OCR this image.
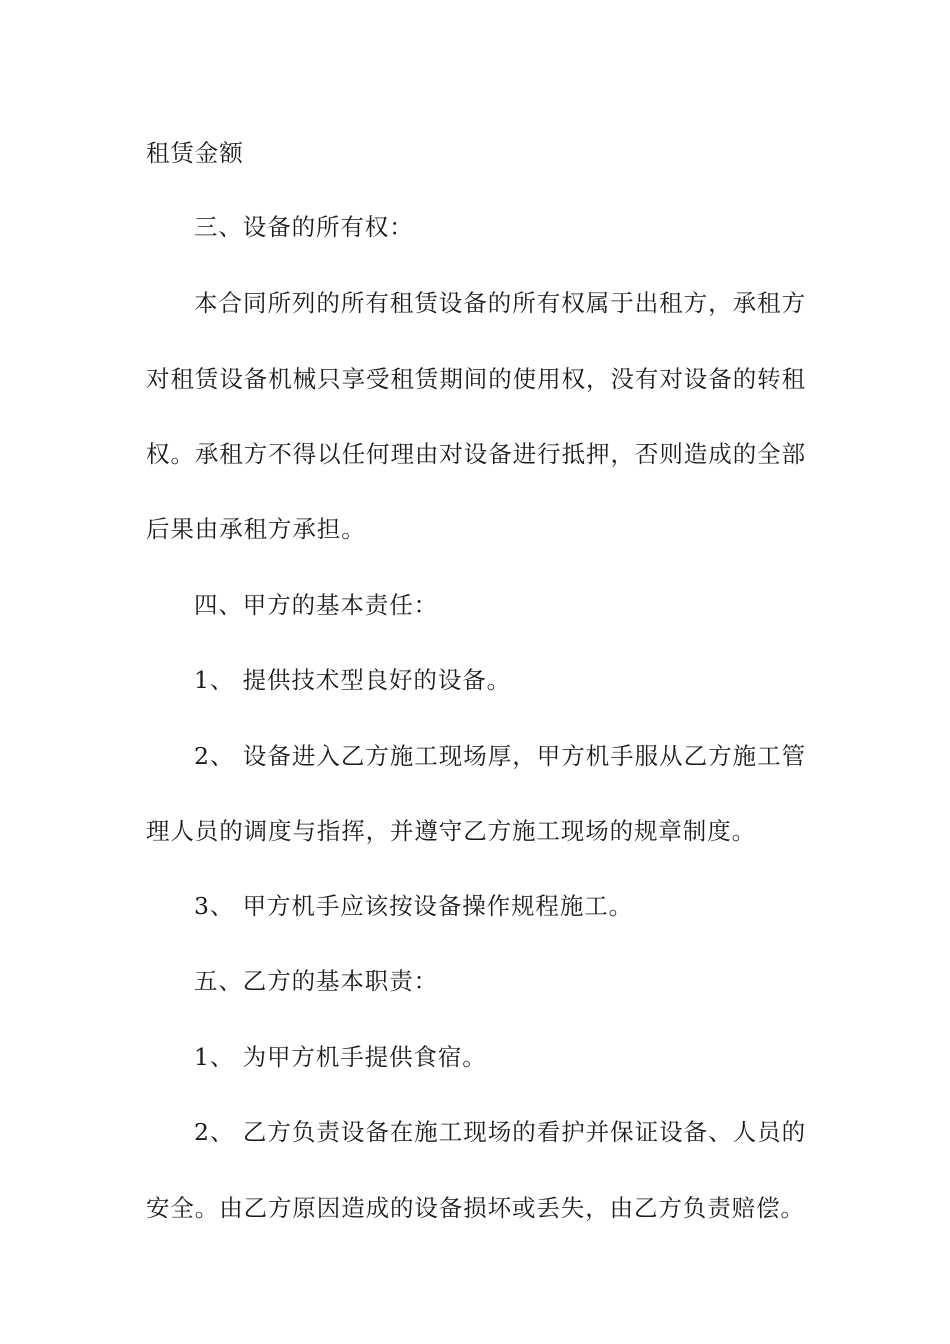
租赁金额
三、设备的所有权：
本合同所列的所有租赁设备的所有权属于出租方，承租方
对租赁设备机械只享受租赁期间的使用权，没有对设备的转租
权。承租方不得以任何理由对设备进行抵押，否则造成的全部
后果由承租方承担。
四、甲方的基本责任：
1、 提供技术型良好的设备。
2、 设备进入乙方施工现场厚，甲方机手服从乙方施工管
理人员的调度与指挥，并遵守乙方施工现场的规章制度。
3、 甲方机手应该按设备操作规程施工。
五、乙方的基本职责：
1、 为甲方机手提供食宿。
2、 乙方负责设备在施工现场的看护并保证设备、人员的
安全。由乙方原因造成的设备损坏或丢失，由乙方负责赔偿。
